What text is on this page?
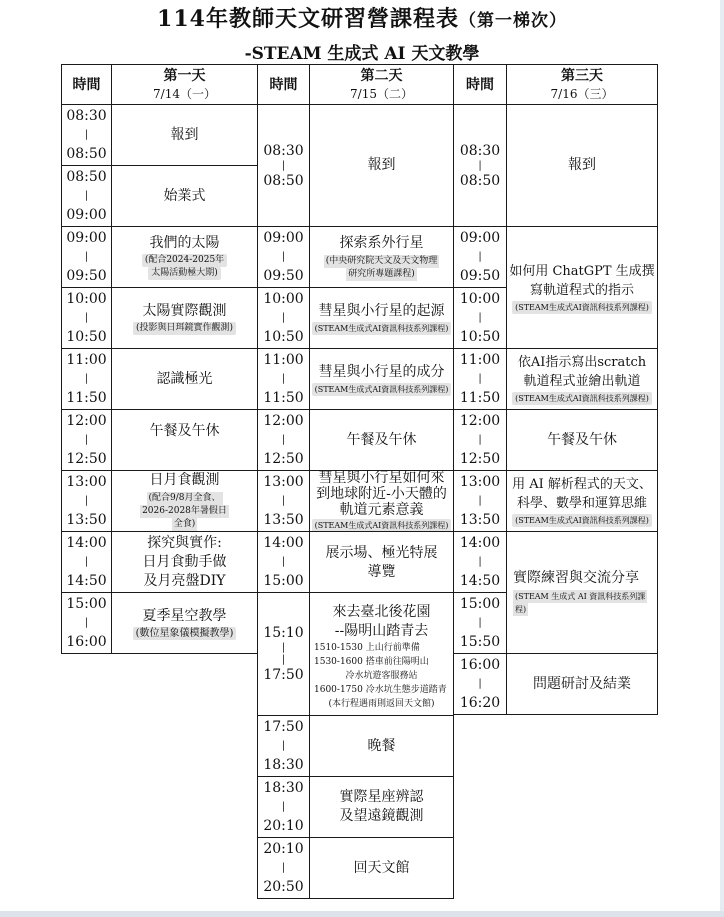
114年教師天文研習營課程表（第一梯次）
-STEAM 生成式 AI 天文教學
時間
第一天
7/14（一）
時間
第二天
7/15（二）
時間
第三天
7/16（三）
08:30
|
08:50
報到
08:50
|
09:00
始業式
09:00
|
09:50
我們的太陽
(配合2024-2025年
太陽活動極大期)
10:00
|
10:50
太陽實際觀測
(投影與日珥鏡實作觀測)
11:00
|
11:50
認識極光
12:00
|
12:50
午餐及午休
13:00
|
13:50
日月食觀測
(配合9/8月全食、
2026-2028年暑假日
全食)
14:00
|
14:50
探究與實作:
日月食動手做
及月亮盤DIY
15:00
|
16:00
夏季星空教學
(數位星象儀模擬教學)
08:30
|
08:50
報到
09:00
|
09:50
探索系外行星
(中央研究院天文及天文物理
研究所專題課程)
10:00
|
10:50
彗星與小行星的起源
(STEAM生成式AI資訊科技系列課程)
11:00
|
11:50
彗星與小行星的成分
(STEAM生成式AI資訊科技系列課程)
12:00
|
12:50
午餐及午休
13:00
|
13:50
彗星與小行星如何來
到地球附近-小天體的
軌道元素意義
(STEAM生成式AI資訊科技系列課程)
14:00
|
15:00
展示場、極光特展
導覽
15:10
|
|
17:50
來去臺北後花園
--陽明山踏青去
1510-1530 上山行前準備
1530-1600 搭車前往陽明山
冷水坑遊客服務站
1600-1750 冷水坑生態步道踏青
(本行程遇雨則返回天文館)
17:50
|
18:30
晚餐
18:30
|
20:10
實際星座辨認
及望遠鏡觀測
20:10
|
20:50
回天文館
08:30
|
08:50
報到
09:00
|
09:50
10:00
|
10:50
如何用 ChatGPT 生成撰
寫軌道程式的指示
(STEAM生成式AI資訊科技系列課程)
11:00
|
11:50
依AI指示寫出scratch
軌道程式並繪出軌道
(STEAM生成式AI資訊科技系列課程)
12:00
|
12:50
午餐及午休
13:00
|
13:50
用 AI 解析程式的天文、
科學、數學和運算思維
(STEAM生成式AI資訊科技系列課程)
14:00
|
14:50
15:00
|
15:50
實際練習與交流分享
(STEAM 生成式 AI 資訊科技系列課
程)
16:00
|
16:20
問題研討及結業
